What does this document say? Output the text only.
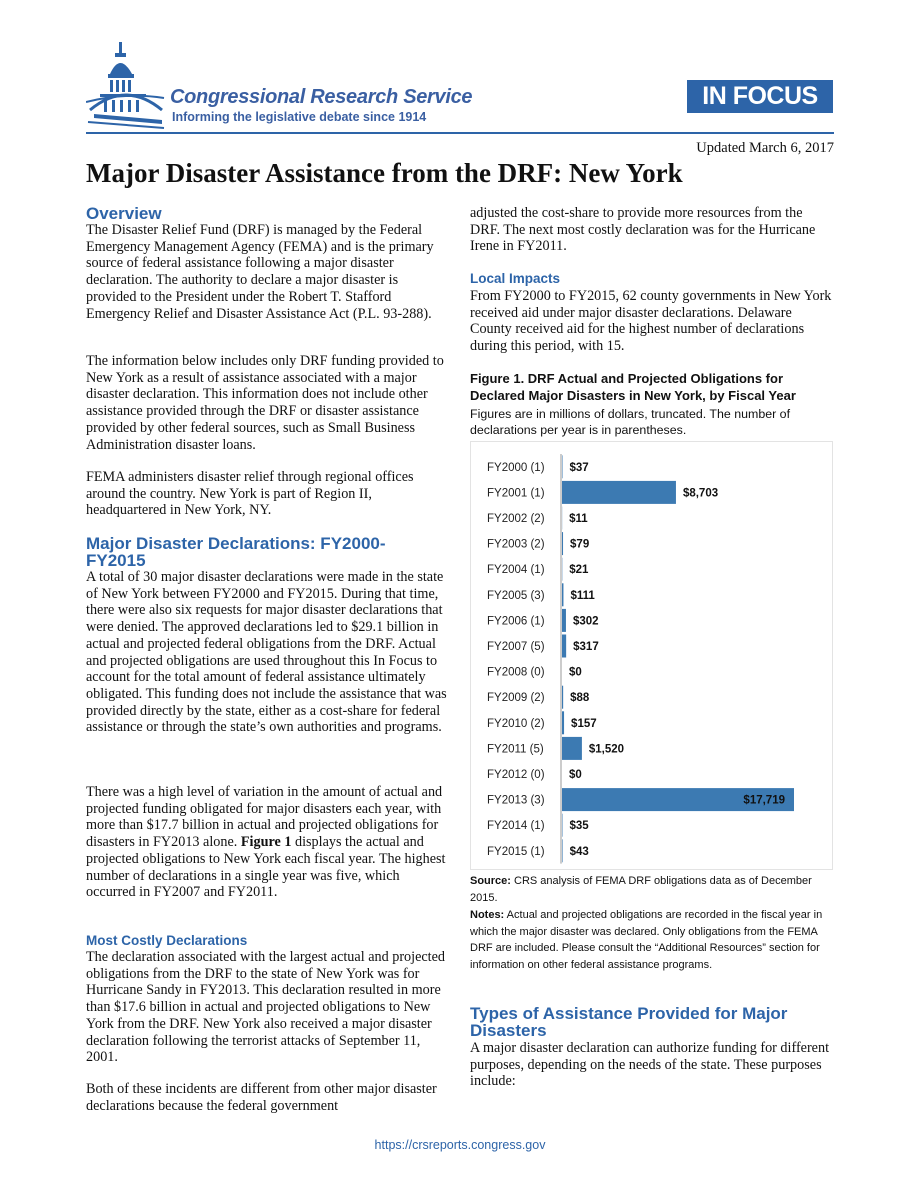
Congressional Research Service
Informing the legislative debate since 1914
IN FOCUS
Updated March 6, 2017
Major Disaster Assistance from the DRF: New York
Overview

The Disaster Relief Fund (DRF) is managed by the Federal Emergency Management Agency (FEMA) and is the primary source of federal assistance following a major disaster declaration. The authority to declare a major disaster is provided to the President under the Robert T. Stafford Emergency Relief and Disaster Assistance Act (P.L. 93-288).

The information below includes only DRF funding provided to New York as a result of assistance associated with a major disaster declaration. This information does not include other assistance provided through the DRF or disaster assistance provided by other federal sources, such as Small Business Administration disaster loans.

FEMA administers disaster relief through regional offices around the country. New York is part of Region II, headquartered in New York, NY.

Major Disaster Declarations: FY2000-FY2015

A total of 30 major disaster declarations were made in the state of New York between FY2000 and FY2015. During that time, there were also six requests for major disaster declarations that were denied. The approved declarations led to $29.1 billion in actual and projected federal obligations from the DRF. Actual and projected obligations are used throughout this In Focus to account for the total amount of federal assistance ultimately obligated. This funding does not include the assistance that was provided directly by the state, either as a cost-share for federal assistance or through the state’s own authorities and programs.

There was a high level of variation in the amount of actual and projected funding obligated for major disasters each year, with more than $17.7 billion in actual and projected obligations for disasters in FY2013 alone. Figure 1 displays the actual and projected obligations to New York each fiscal year. The highest number of declarations in a single year was five, which occurred in FY2007 and FY2011.

Most Costly Declarations

The declaration associated with the largest actual and projected obligations from the DRF to the state of New York was for Hurricane Sandy in FY2013. This declaration resulted in more than $17.6 billion in actual and projected obligations to New York from the DRF. New York also received a major disaster declaration following the terrorist attacks of September 11, 2001.

Both of these incidents are different from other major disaster declarations because the federal government

adjusted the cost-share to provide more resources from the DRF. The next most costly declaration was for the Hurricane Irene in FY2011.

Local Impacts

From FY2000 to FY2015, 62 county governments in New York received aid under major disaster declarations. Delaware County received aid for the highest number of declarations during this period, with 15.

Figure 1. DRF Actual and Projected Obligations for Declared Major Disasters in New York, by Fiscal Year
Figures are in millions of dollars, truncated. The number of declarations per year is in parentheses.
FY2000 (1) $37
FY2001 (1)	$8,703
FY2002 (2) $11
FY2003 (2) $79
FY2004 (1) $21
FY2005 (3) $111
FY2006 (1) $302
FY2007 (5) $317
FY2008 (0) $0
FY2009 (2) $88
FY2010 (2) $157
FY2011 (5)	$1,520
FY2012 (0) $0
FY2013 (3)	$17,719
FY2014 (1) $35
FY2015 (1) $43
Source: CRS analysis of FEMA DRF obligations data as of December 2015.
Notes: Actual and projected obligations are recorded in the fiscal year in which the major disaster was declared. Only obligations from the FEMA DRF are included. Please consult the “Additional Resources” section for information on other federal assistance programs.
Types of Assistance Provided for Major Disasters

A major disaster declaration can authorize funding for different purposes, depending on the needs of the state. These purposes include:

https://crsreports.congress.gov
